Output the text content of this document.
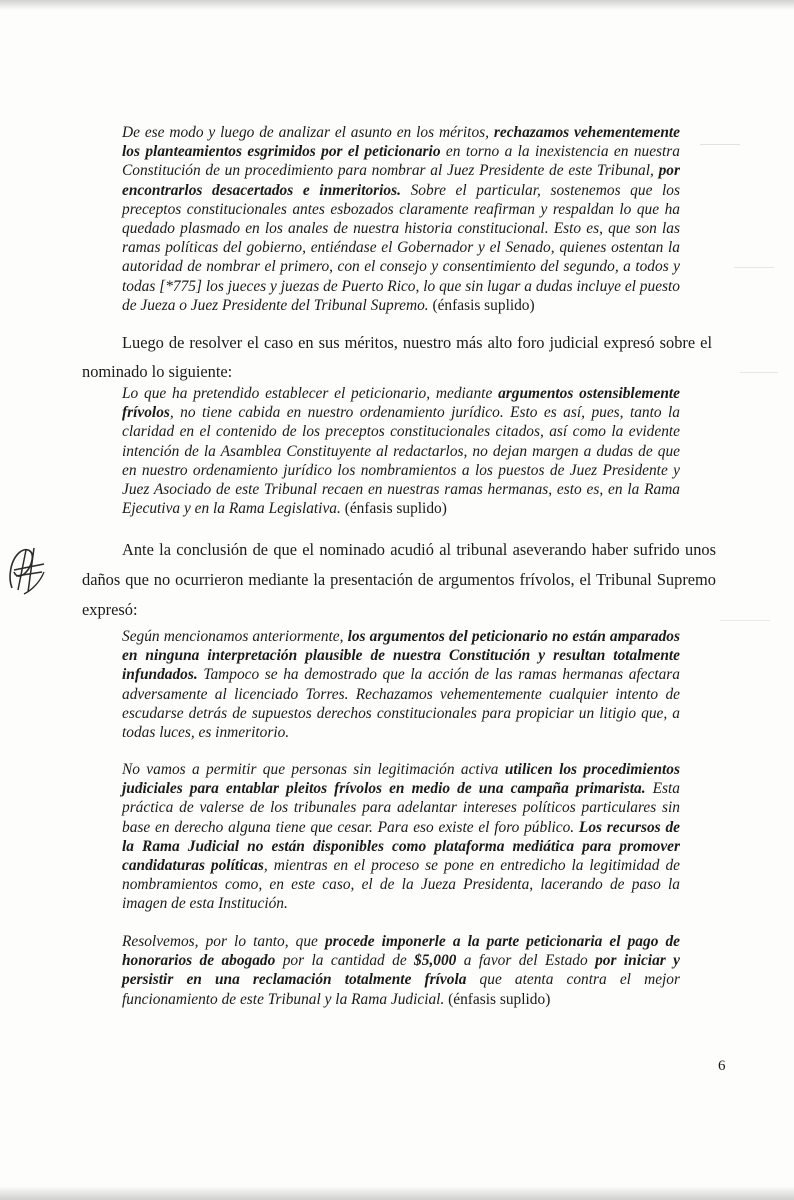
De ese modo y luego de analizar el asunto en los méritos, rechazamos vehementemente los planteamientos esgrimidos por el peticionario en torno a la inexistencia en nuestra Constitución de un procedimiento para nombrar al Juez Presidente de este Tribunal, por encontrarlos desacertados e inmeritorios. Sobre el particular, sostenemos que los preceptos constitucionales antes esbozados claramente reafirman y respaldan lo que ha quedado plasmado en los anales de nuestra historia constitucional. Esto es, que son las ramas políticas del gobierno, entiéndase el Gobernador y el Senado, quienes ostentan la autoridad de nombrar el primero, con el consejo y consentimiento del segundo, a todos y todas [*775] los jueces y juezas de Puerto Rico, lo que sin lugar a dudas incluye el puesto de Jueza o Juez Presidente del Tribunal Supremo. (énfasis suplido)
Luego de resolver el caso en sus méritos, nuestro más alto foro judicial expresó sobre el
nominado lo siguiente:
Lo que ha pretendido establecer el peticionario, mediante argumentos ostensiblemente frívolos, no tiene cabida en nuestro ordenamiento jurídico. Esto es así, pues, tanto la claridad en el contenido de los preceptos constitucionales citados, así como la evidente intención de la Asamblea Constituyente al redactarlos, no dejan margen a dudas de que en nuestro ordenamiento jurídico los nombramientos a los puestos de Juez Presidente y Juez Asociado de este Tribunal recaen en nuestras ramas hermanas, esto es, en la Rama Ejecutiva y en la Rama Legislativa. (énfasis suplido)
Ante la conclusión de que el nominado acudió al tribunal aseverando haber sufrido unos
daños que no ocurrieron mediante la presentación de argumentos frívolos, el Tribunal Supremo
expresó:
Según mencionamos anteriormente, los argumentos del peticionario no están amparados en ninguna interpretación plausible de nuestra Constitución y resultan totalmente infundados. Tampoco se ha demostrado que la acción de las ramas hermanas afectara adversamente al licenciado Torres. Rechazamos vehementemente cualquier intento de escudarse detrás de supuestos derechos constitucionales para propiciar un litigio que, a todas luces, es inmeritorio.
No vamos a permitir que personas sin legitimación activa utilicen los procedimientos judiciales para entablar pleitos frívolos en medio de una campaña primarista. Esta práctica de valerse de los tribunales para adelantar intereses políticos particulares sin base en derecho alguna tiene que cesar. Para eso existe el foro público. Los recursos de la Rama Judicial no están disponibles como plataforma mediática para promover candidaturas políticas, mientras en el proceso se pone en entredicho la legitimidad de nombramientos como, en este caso, el de la Jueza Presidenta, lacerando de paso la imagen de esta Institución.
Resolvemos, por lo tanto, que procede imponerle a la parte peticionaria el pago de honorarios de abogado por la cantidad de $5,000 a favor del Estado por iniciar y persistir en una reclamación totalmente frívola que atenta contra el mejor funcionamiento de este Tribunal y la Rama Judicial. (énfasis suplido)
6
